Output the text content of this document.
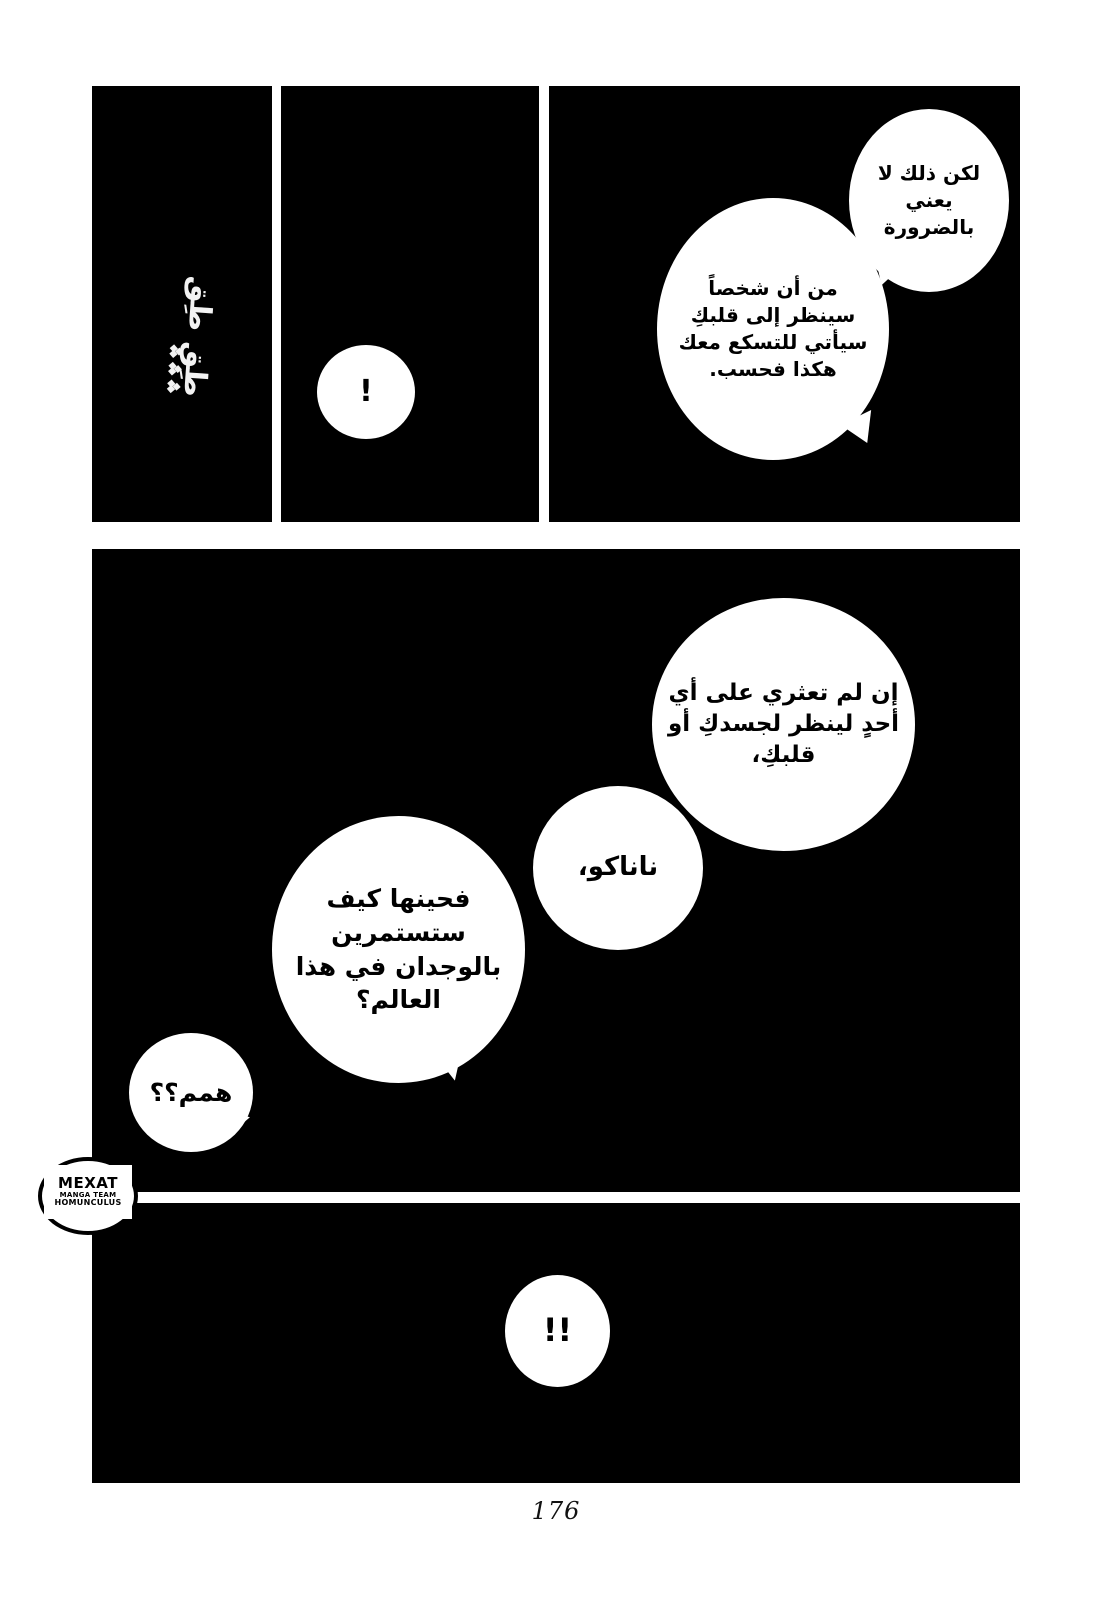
طِق طِق ؞؞؞	!
لكن ذلك لا يعني بالضرورة
من أن شخصاً سينظر إلى قلبكِ سيأتي للتسكع معك هكذا فحسب.
إن لم تعثري على أي أحدٍ لينظر لجسدكِ أو قلبكِ،
ناناكو،
فحينها كيف ستستمرين بالوجدان في هذا العالم؟
همم؟؟
!!
MEXAT
MANGA TEAM
HOMUNCULUS
176
